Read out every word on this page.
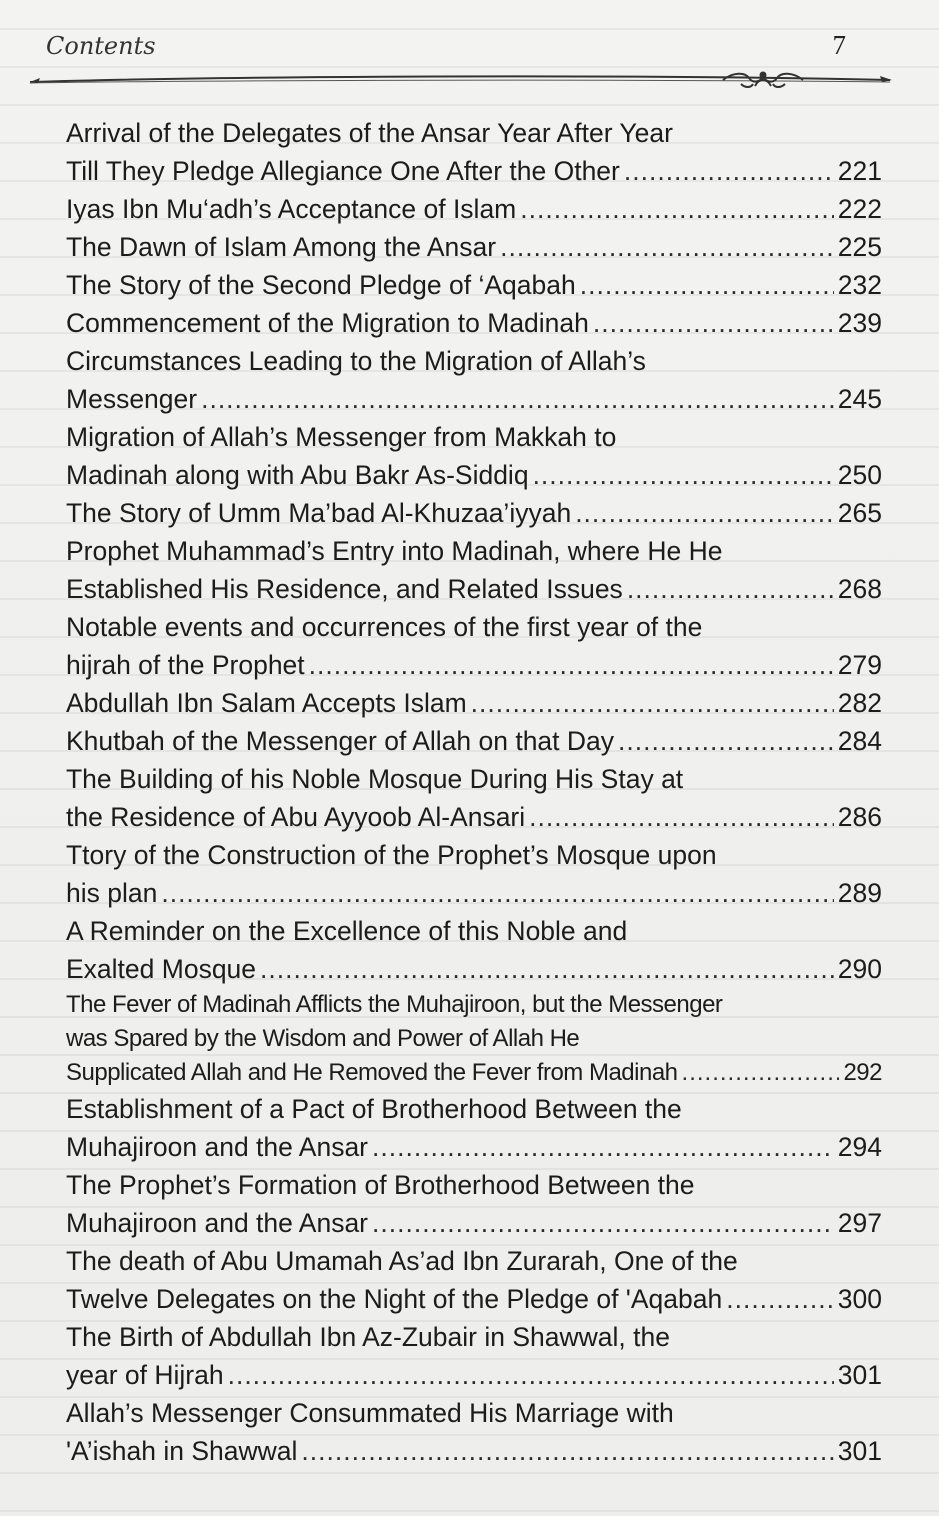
Contents	7
Arrival of the Delegates of the Ansar Year After Year
Till They Pledge Allegiance One After the Other .....	221
Iyas Ibn Mu‘adh’s Acceptance of Islam .....	222
The Dawn of Islam Among the Ansar .....	225
The Story of the Second Pledge of ‘Aqabah .....	232
Commencement of the Migration to Madinah .....	239
Circumstances Leading to the Migration of Allah’s
Messenger .....	245
Migration of Allah’s Messenger from Makkah to
Madinah along with Abu Bakr As-Siddiq .....	250
The Story of Umm Ma’bad Al-Khuzaa’iyyah .....	265
Prophet Muhammad’s Entry into Madinah, where He He
Established His Residence, and Related Issues .....	268
Notable events and occurrences of the first year of the
hijrah of the Prophet .....	279
Abdullah Ibn Salam Accepts Islam .....	282
Khutbah of the Messenger of Allah on that Day .....	284
The Building of his Noble Mosque During His Stay at
the Residence of Abu Ayyoob Al-Ansari .....	286
Ttory of the Construction of the Prophet’s Mosque upon
his plan .....	289
A Reminder on the Excellence of this Noble and
Exalted Mosque .....	290
The Fever of Madinah Afflicts the Muhajiroon, but the Messenger
was Spared by the Wisdom and Power of Allah He
Supplicated Allah and He Removed the Fever from Madinah .....	292
Establishment of a Pact of Brotherhood Between the
Muhajiroon and the Ansar .....	294
The Prophet’s Formation of Brotherhood Between the
Muhajiroon and the Ansar .....	297
The death of Abu Umamah As’ad Ibn Zurarah, One of the
Twelve Delegates on the Night of the Pledge of 'Aqabah .....	300
The Birth of Abdullah Ibn Az-Zubair in Shawwal, the
year of Hijrah .....	301
Allah’s Messenger Consummated His Marriage with
'A’ishah in Shawwal .....	301
